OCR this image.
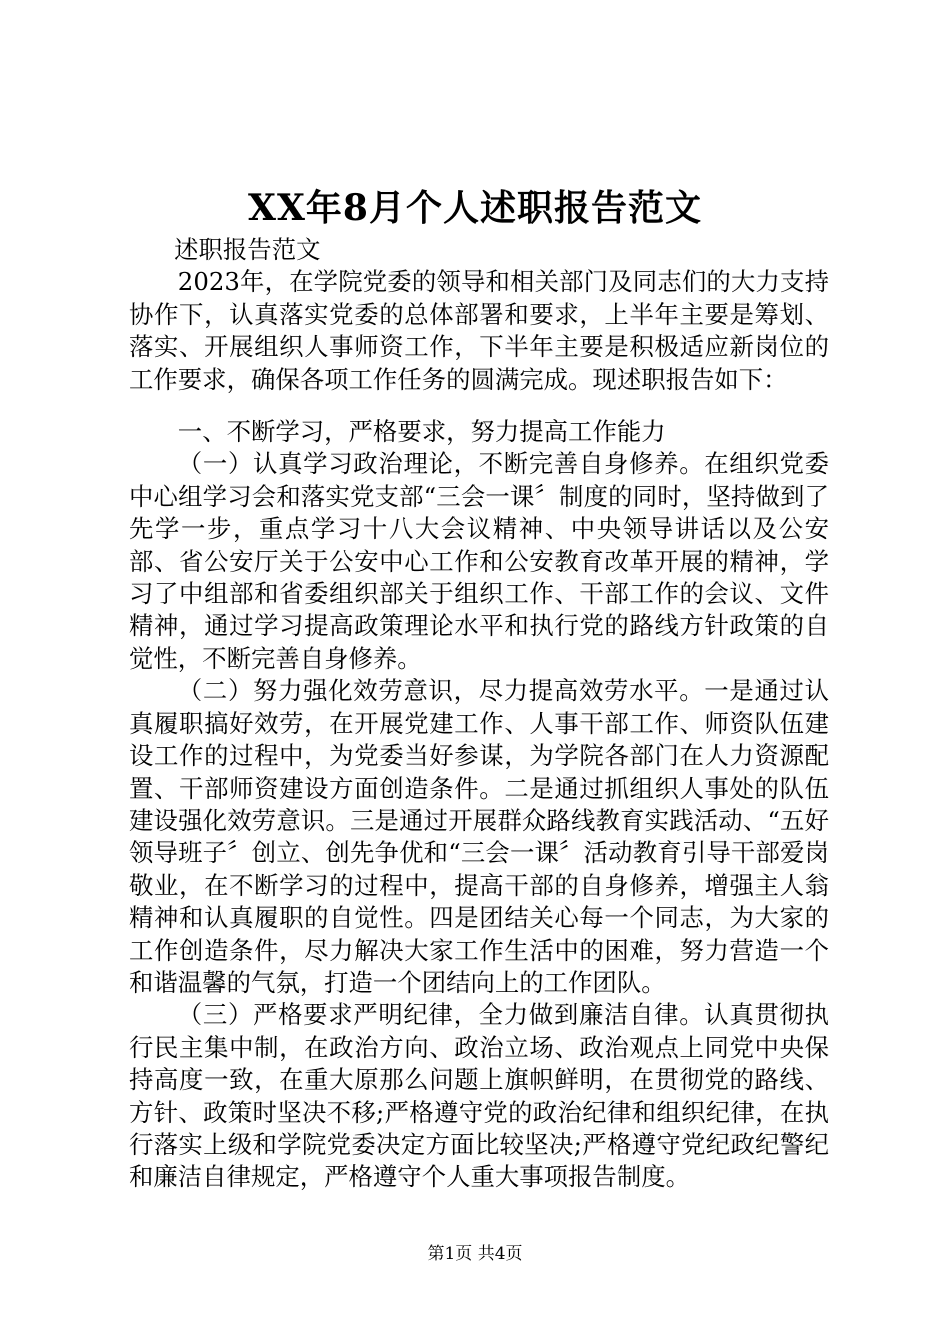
XX年8月个人述职报告范文

述职报告范文

2023年，在学院党委的领导和相关部门及同志们的大力支持协作下，认真落实党委的总体部署和要求，上半年主要是筹划、落实、开展组织人事师资工作，下半年主要是积极适应新岗位的工作要求，确保各项工作任务的圆满完成。现述职报告如下：

一、不断学习，严格要求，努力提高工作能力

（一）认真学习政治理论，不断完善自身修养。在组织党委中心组学习会和落实党支部“三会一课〞制度的同时，坚持做到了先学一步，重点学习十八大会议精神、中央领导讲话以及公安部、省公安厅关于公安中心工作和公安教育改革开展的精神，学习了中组部和省委组织部关于组织工作、干部工作的会议、文件精神，通过学习提高政策理论水平和执行党的路线方针政策的自觉性，不断完善自身修养。

（二）努力强化效劳意识，尽力提高效劳水平。一是通过认真履职搞好效劳，在开展党建工作、人事干部工作、师资队伍建设工作的过程中，为党委当好参谋，为学院各部门在人力资源配置、干部师资建设方面创造条件。二是通过抓组织人事处的队伍建设强化效劳意识。三是通过开展群众路线教育实践活动、“五好领导班子〞创立、创先争优和“三会一课〞活动教育引导干部爱岗敬业，在不断学习的过程中，提高干部的自身修养，增强主人翁精神和认真履职的自觉性。四是团结关心每一个同志，为大家的工作创造条件，尽力解决大家工作生活中的困难，努力营造一个和谐温馨的气氛，打造一个团结向上的工作团队。

（三）严格要求严明纪律，全力做到廉洁自律。认真贯彻执行民主集中制，在政治方向、政治立场、政治观点上同党中央保持高度一致，在重大原那么问题上旗帜鲜明，在贯彻党的路线、方针、政策时坚决不移;严格遵守党的政治纪律和组织纪律，在执行落实上级和学院党委决定方面比较坚决;严格遵守党纪政纪警纪和廉洁自律规定，严格遵守个人重大事项报告制度。

第1页 共4页
